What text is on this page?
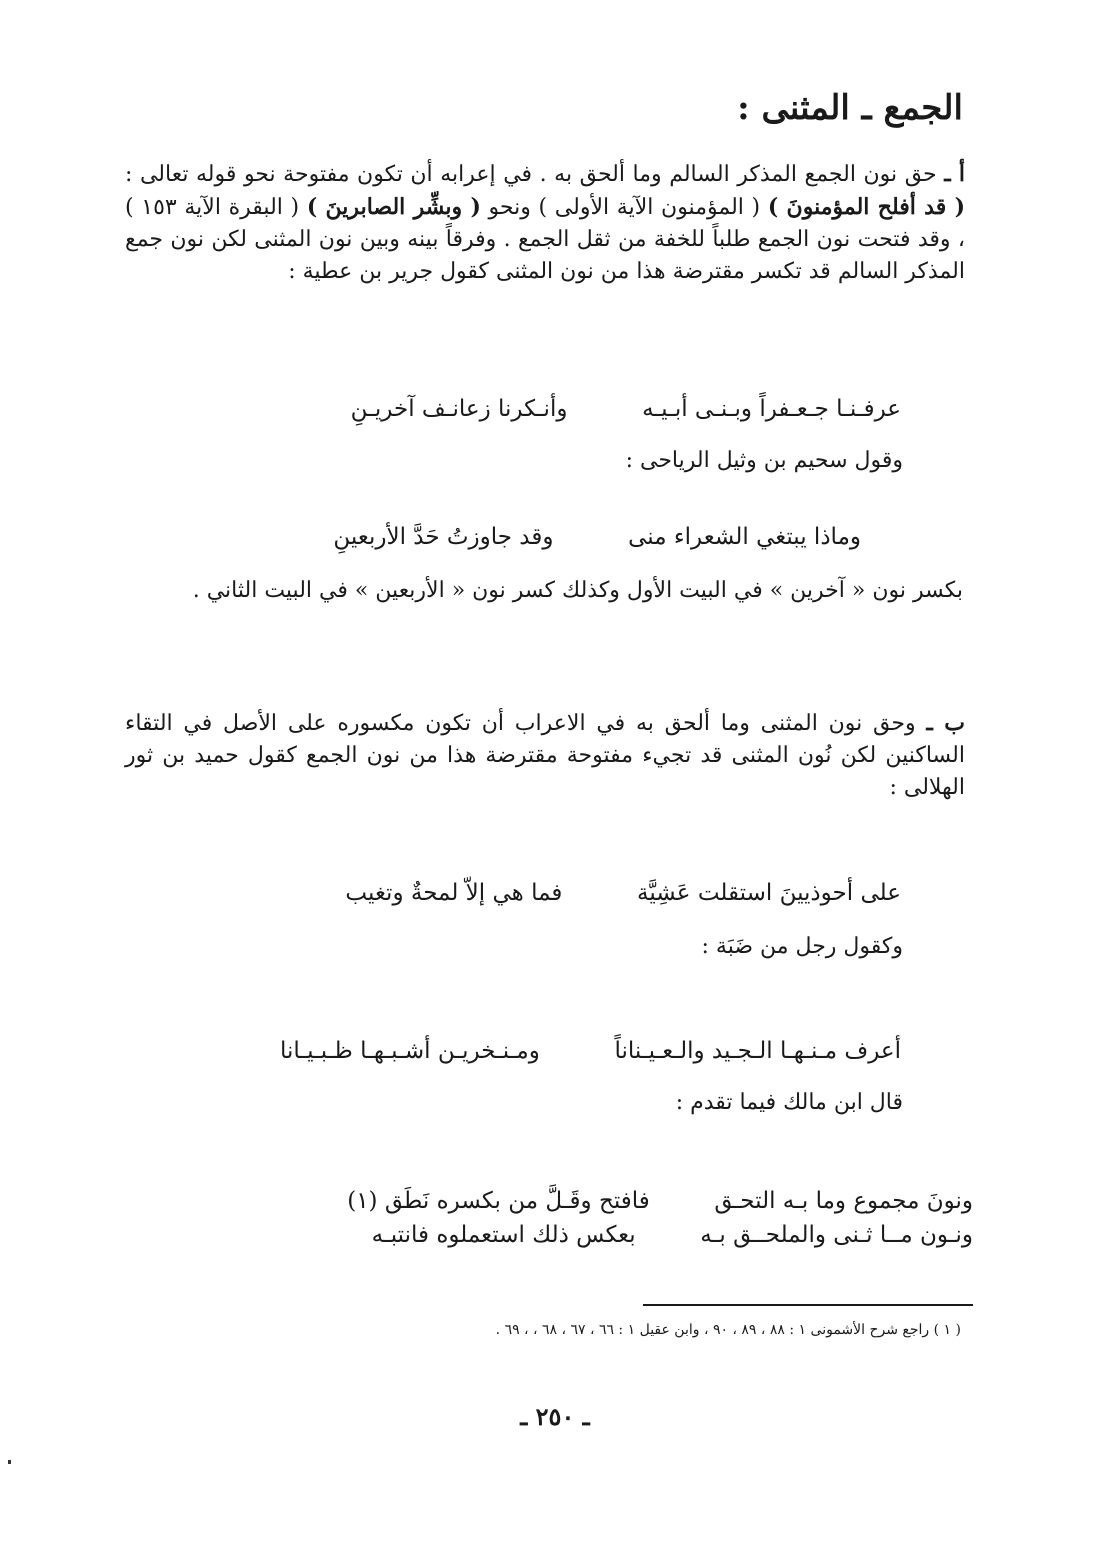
الجمع ـ المثنى :
أ ـ حق نون الجمع المذكر السالم وما ألحق به . في إعرابه أن تكون مفتوحة نحو قوله تعالى : ( قد أفلح المؤمنونَ ) ( المؤمنون الآية الأولى ) ونحو ( وبشِّر الصابرينَ ) ( البقرة الآية ١٥٣ ) ، وقد فتحت نون الجمع طلباً للخفة من ثقل الجمع . وفرقاً بينه وبين نون المثنى لكن نون جمع المذكر السالم قد تكسر مقترضة هذا من نون المثنى كقول جرير بن عطية :
عرفـنـا جـعـفراً وبـنـى أبـيـه  وأنـكرنا زعانـف آخريـنِ
وقول سحيم بن وثيل الرياحى :
وماذا يبتغي الشعراء منى  وقد جاوزتُ حَدَّ الأربعينِ
بكسر نون « آخرين » في البيت الأول وكذلك كسر نون « الأربعين » في البيت الثاني .
ب ـ وحق نون المثنى وما ألحق به في الاعراب أن تكون مكسوره على الأصل في التقاء الساكنين لكن نُون المثنى قد تجيء مفتوحة مقترضة هذا من نون الجمع كقول حميد بن ثور الهلالى :
على أحوذيينَ استقلت عَشِيَّة  فما هي إلاّ لمحةٌ وتغيب
وكقول رجل من ضَبَة :
أعرف مـنـهـا الـجـيد والـعـيـناناً  ومـنـخريـن أشـبـهـا ظـبـيـانا
قال ابن مالك فيما تقدم :
ونونَ مجموع وما بـه التحـق  فافتح وقَـلَّ من بكسره نَطَق (١)
ونـون مــا ثـنى والملحــق بـه  بعكس ذلك استعملوه فانتبـه
( ١ ) راجع شرح الأشمونى ١ : ٨٨ ، ٨٩ ، ٩٠ ، وابن عقيل ١ : ٦٦ ، ٦٧ ، ٦٨ ، ، ٦٩ .
ـ ٢٥٠ ـ
